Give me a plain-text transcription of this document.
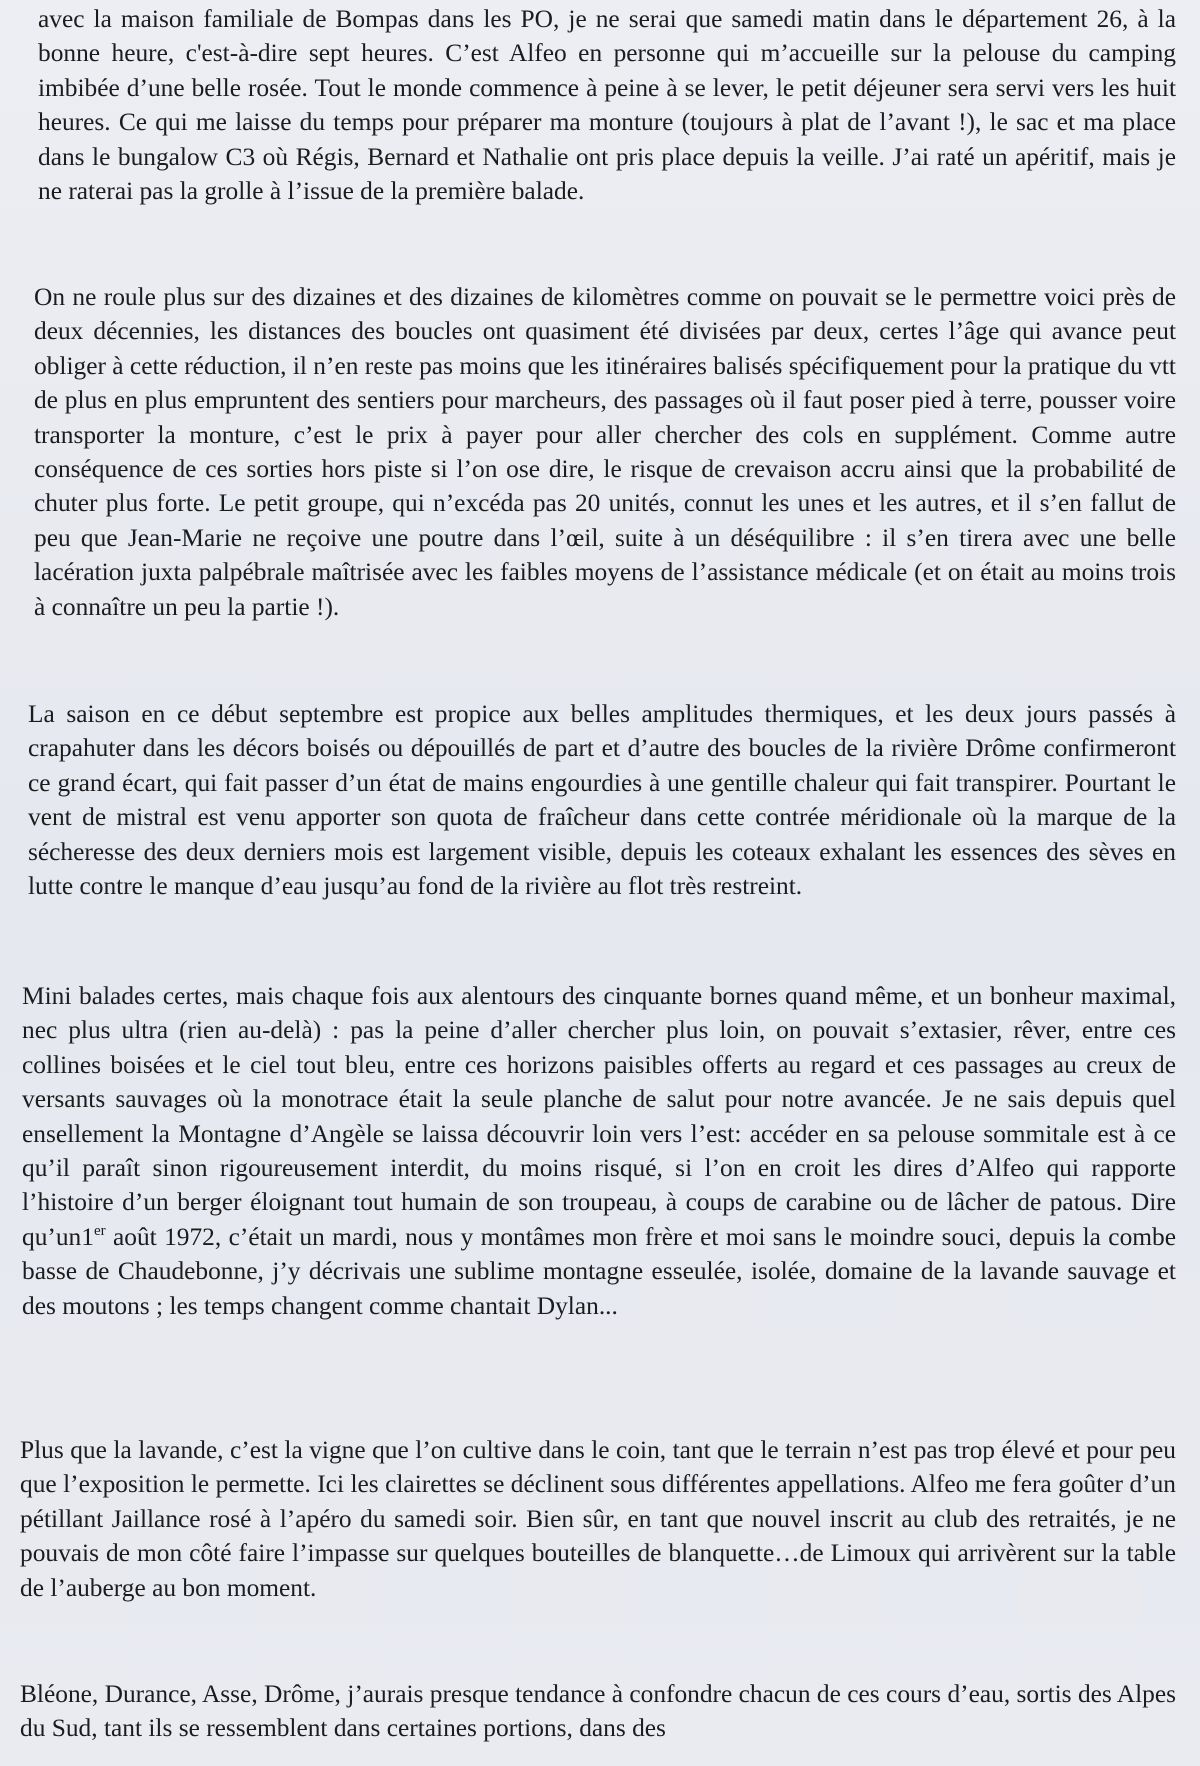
avec la maison familiale de Bompas dans les PO, je ne serai que samedi matin dans le département 26, à la bonne heure, c'est-à-dire sept heures. C’est Alfeo en personne qui m’accueille sur la pelouse du camping imbibée d’une belle rosée. Tout le monde commence à peine à se lever, le petit déjeuner sera servi vers les huit heures. Ce qui me laisse du temps pour préparer ma monture (toujours à plat de l’avant !), le sac et ma place dans le bungalow C3 où Régis, Bernard et Nathalie ont pris place depuis la veille. J’ai raté un apéritif, mais je ne raterai pas la grolle à l’issue de la première balade.

On ne roule plus sur des dizaines et des dizaines de kilomètres comme on pouvait se le permettre voici près de deux décennies, les distances des boucles ont quasiment été divisées par deux, certes l’âge qui avance peut obliger à cette réduction, il n’en reste pas moins que les itinéraires balisés spécifiquement pour la pratique du vtt de plus en plus empruntent des sentiers pour marcheurs, des passages où il faut poser pied à terre, pousser voire transporter la monture, c’est le prix à payer pour aller chercher des cols en supplément. Comme autre conséquence de ces sorties hors piste si l’on ose dire, le risque de crevaison accru ainsi que la probabilité de chuter plus forte. Le petit groupe, qui n’excéda pas 20 unités, connut les unes et les autres, et il s’en fallut de peu que Jean-Marie ne reçoive une poutre dans l’œil, suite à un déséquilibre : il s’en tirera avec une belle lacération juxta palpébrale maîtrisée avec les faibles moyens de l’assistance médicale (et on était au moins trois à connaître un peu la partie !).

La saison en ce début septembre est propice aux belles amplitudes thermiques, et les deux jours passés à crapahuter dans les décors boisés ou dépouillés de part et d’autre des boucles de la rivière Drôme confirmeront ce grand écart, qui fait passer d’un état de mains engourdies à une gentille chaleur qui fait transpirer. Pourtant le vent de mistral est venu apporter son quota de fraîcheur dans cette contrée méridionale où la marque de la sécheresse des deux derniers mois est largement visible, depuis les coteaux exhalant les essences des sèves en lutte contre le manque d’eau jusqu’au fond de la rivière au flot très restreint.

Mini balades certes, mais chaque fois aux alentours des cinquante bornes quand même, et un bonheur maximal, nec plus ultra (rien au-delà) : pas la peine d’aller chercher plus loin, on pouvait s’extasier, rêver, entre ces collines boisées et le ciel tout bleu, entre ces horizons paisibles offerts au regard et ces passages au creux de versants sauvages où la monotrace était la seule planche de salut pour notre avancée. Je ne sais depuis quel ensellement la Montagne d’Angèle se laissa découvrir loin vers l’est: accéder en sa pelouse sommitale est à ce qu’il paraît sinon rigoureusement interdit, du moins risqué, si l’on en croit les dires d’Alfeo qui rapporte l’histoire d’un berger éloignant tout humain de son troupeau, à coups de carabine ou de lâcher de patous. Dire qu’un1er août 1972, c’était un mardi, nous y montâmes mon frère et moi sans le moindre souci, depuis la combe basse de Chaudebonne, j’y décrivais une sublime montagne esseulée, isolée, domaine de la lavande sauvage et des moutons ; les temps changent comme chantait Dylan...

Plus que la lavande, c’est la vigne que l’on cultive dans le coin, tant que le terrain n’est pas trop élevé et pour peu que l’exposition le permette. Ici les clairettes se déclinent sous différentes appellations. Alfeo me fera goûter d’un pétillant Jaillance rosé à l’apéro du samedi soir. Bien sûr, en tant que nouvel inscrit au club des retraités, je ne pouvais de mon côté faire l’impasse sur quelques bouteilles de blanquette…de Limoux qui arrivèrent sur la table de l’auberge au bon moment.

Bléone, Durance, Asse, Drôme, j’aurais presque tendance à confondre chacun de ces cours d’eau, sortis des Alpes du Sud, tant ils se ressemblent dans certaines portions, dans des
